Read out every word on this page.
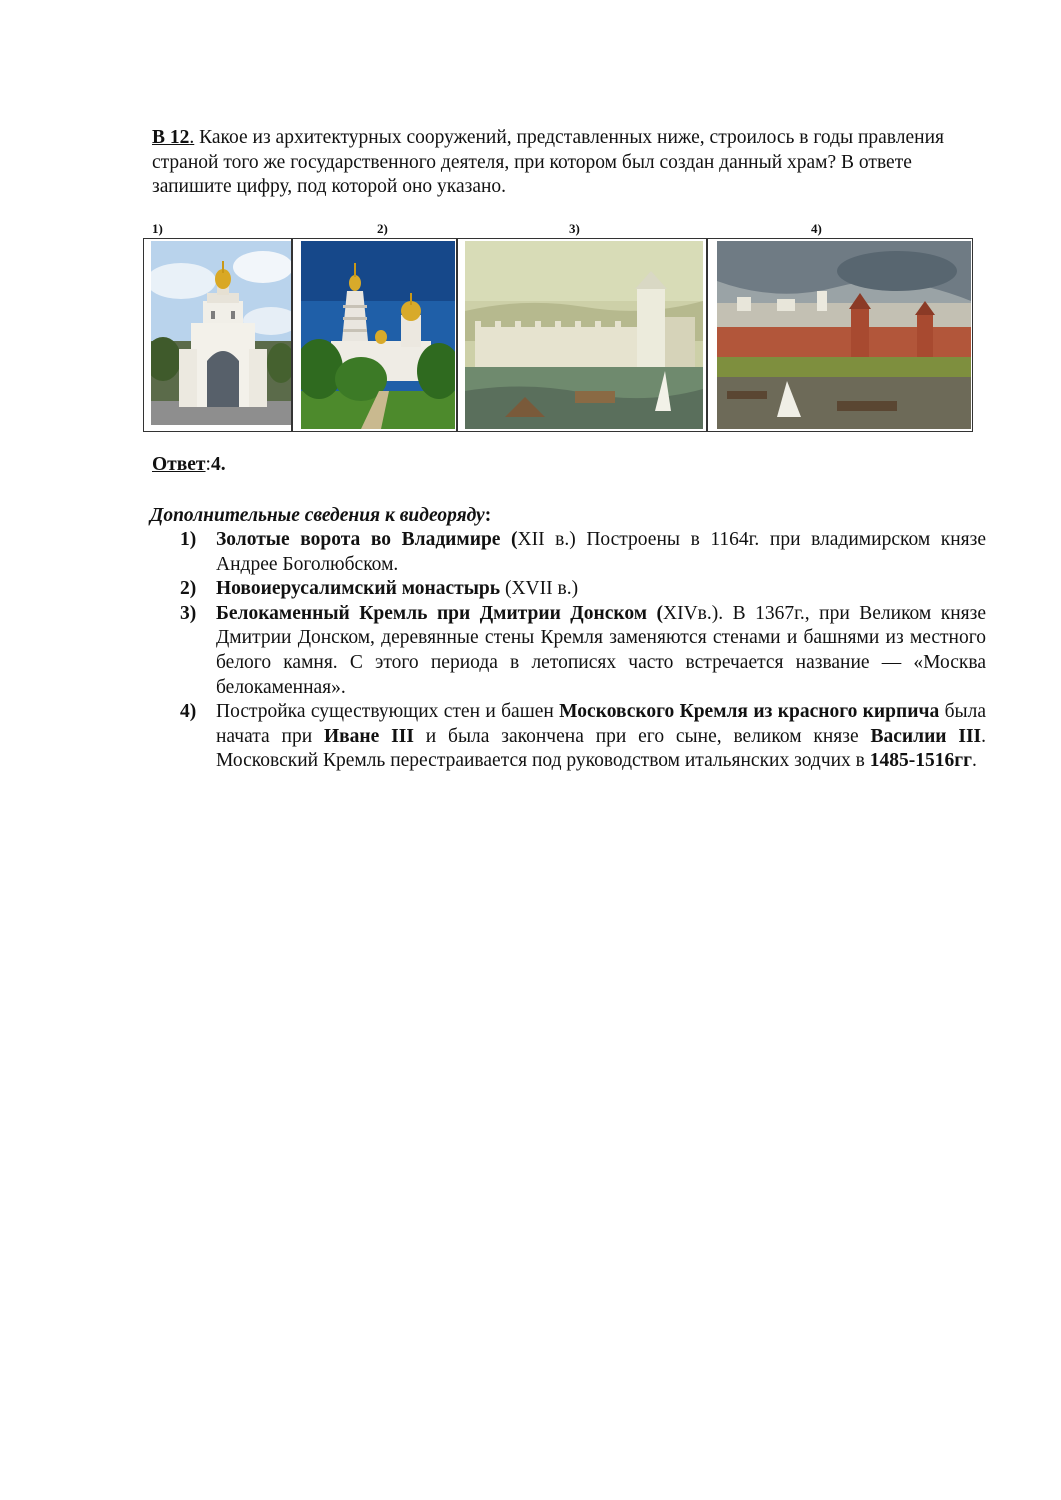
В 12. Какое из архитектурных сооружений, представленных ниже, строилось в годы правления страной того же государственного деятеля, при котором был создан данный храм? В ответе запишите цифру, под которой оно указано.
1)	2)	3)	4)
Ответ:4.
Дополнительные сведения к видеоряду:
1) Золотые ворота во Владимире (XII в.) Построены в 1164г. при владимирском князе Андрее Боголюбском.
2) Новоиерусалимский монастырь (XVII в.)
3) Белокаменный Кремль при Дмитрии Донском (XIVв.). В 1367г., при Великом князе Дмитрии Донском, деревянные стены Кремля заменяются стенами и башнями из местного белого камня. С этого периода в летописях часто встречается название — «Москва белокаменная».
4) Постройка существующих стен и башен Московского Кремля из красного кирпича была начата при Иване III и была закончена при его сыне, великом князе Василии III. Московский Кремль перестраивается под руководством итальянских зодчих в 1485-1516гг.
